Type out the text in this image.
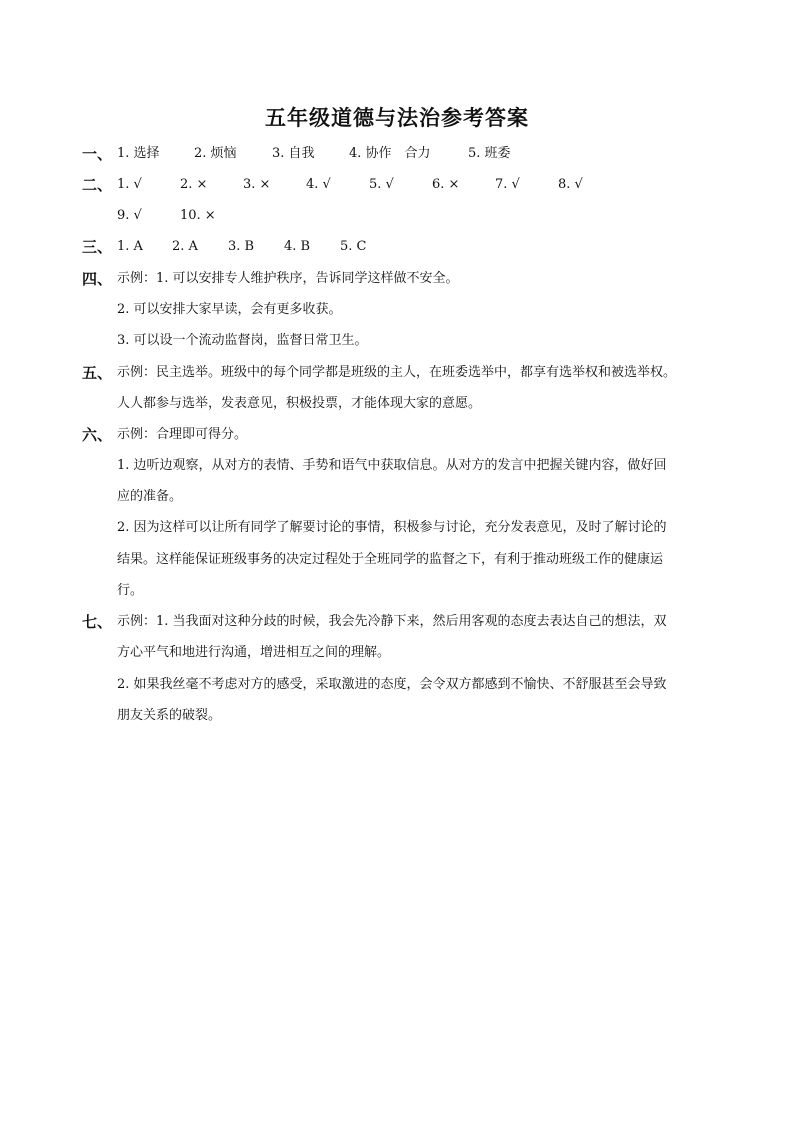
五年级道德与法治参考答案
一、 1. 选择	2. 烦恼	3. 自我	4. 协作　合力	5. 班委
二、 1. √	2. ×	3. ×	4. √	5. √	6. ×	7. √	8. √
9. √	10. ×
三、 1. A 2. A 3. B 4. B 5. C
四、 示例：1. 可以安排专人维护秩序，告诉同学这样做不安全。
2. 可以安排大家早读，会有更多收获。
3. 可以设一个流动监督岗，监督日常卫生。
五、 示例：民主选举。班级中的每个同学都是班级的主人，在班委选举中，都享有选举权和被选举权。
人人都参与选举，发表意见，积极投票，才能体现大家的意愿。
六、 示例：合理即可得分。
1. 边听边观察，从对方的表情、手势和语气中获取信息。从对方的发言中把握关键内容，做好回
应的准备。
2. 因为这样可以让所有同学了解要讨论的事情，积极参与讨论，充分发表意见，及时了解讨论的
结果。这样能保证班级事务的决定过程处于全班同学的监督之下，有利于推动班级工作的健康运
行。
七、 示例：1. 当我面对这种分歧的时候，我会先冷静下来，然后用客观的态度去表达自己的想法，双
方心平气和地进行沟通，增进相互之间的理解。
2. 如果我丝毫不考虑对方的感受，采取激进的态度，会令双方都感到不愉快、不舒服甚至会导致
朋友关系的破裂。
